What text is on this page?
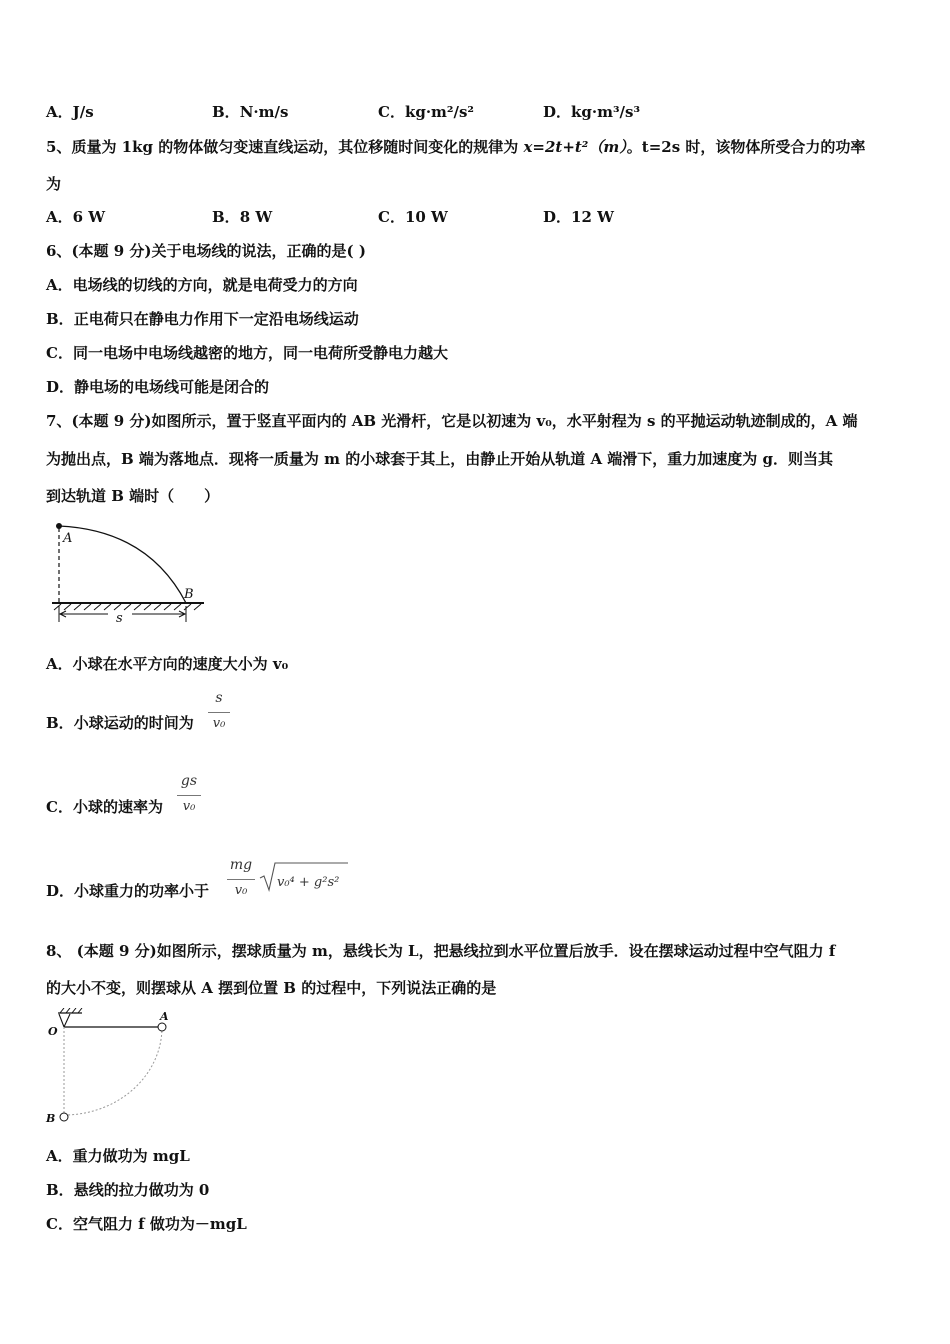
A．J/s	B．N·m/s	C．kg·m²/s²	D．kg·m³/s³
5、质量为 1kg 的物体做匀变速直线运动，其位移随时间变化的规律为 x=2t+t²（m）。t=2s 时，该物体所受合力的功率
为
A．6 W	B．8 W	C．10 W	D．12 W
6、(本题 9 分)关于电场线的说法，正确的是( )
A．电场线的切线的方向，就是电荷受力的方向
B．正电荷只在静电力作用下一定沿电场线运动
C．同一电场中电场线越密的地方，同一电荷所受静电力越大
D．静电场的电场线可能是闭合的
7、(本题 9 分)如图所示，置于竖直平面内的 AB 光滑杆，它是以初速为 v₀，水平射程为 s 的平抛运动轨迹制成的，A 端
为抛出点，B 端为落地点．现将一质量为 m 的小球套于其上，由静止开始从轨道 A 端滑下，重力加速度为 g．则当其
到达轨道 B 端时（　　）
A
B
s
A．小球在水平方向的速度大小为 v₀
B．小球运动的时间为
s
v₀
C．小球的速率为
gs
v₀
D．小球重力的功率小于
mg
v₀
v₀⁴ + g²s²
8、 (本题 9 分)如图所示，摆球质量为 m，悬线长为 L，把悬线拉到水平位置后放手．设在摆球运动过程中空气阻力 f
的大小不变，则摆球从 A 摆到位置 B 的过程中，下列说法正确的是
O
A
B
A．重力做功为 mgL
B．悬线的拉力做功为 0
C．空气阻力 f 做功为－mgL
